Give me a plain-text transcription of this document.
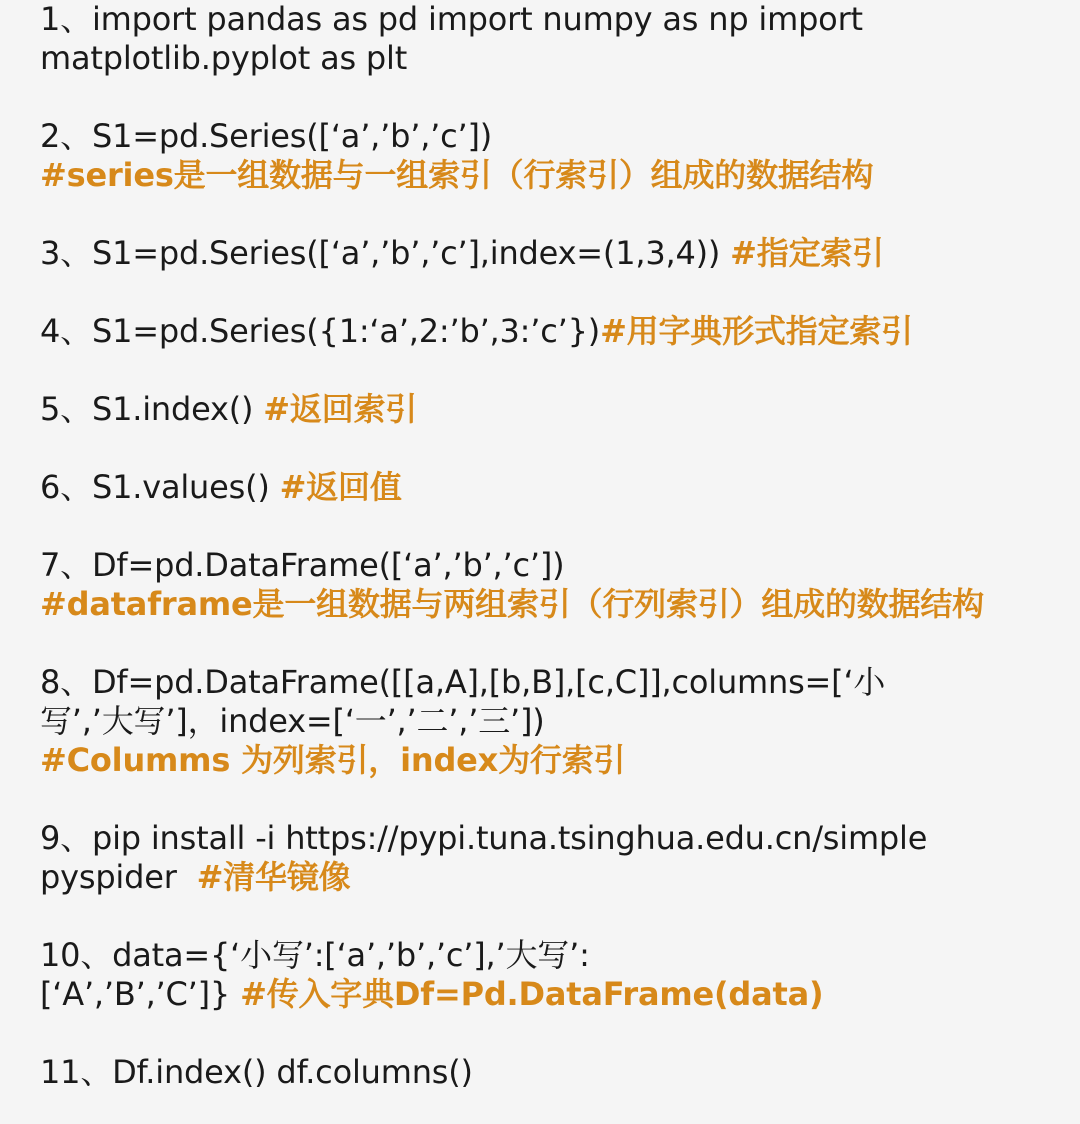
1、import pandas as pd import numpy as np import
matplotlib.pyplot as plt
2、S1=pd.Series([‘a’,’b’,’c’])
#series是一组数据与一组索引（行索引）组成的数据结构
3、S1=pd.Series([‘a’,’b’,’c’],index=(1,3,4)) #指定索引
4、S1=pd.Series({1:‘a’,2:’b’,3:’c’})#用字典形式指定索引
5、S1.index() #返回索引
6、S1.values() #返回值
7、Df=pd.DataFrame([‘a’,’b’,’c’])
#dataframe是一组数据与两组索引（行列索引）组成的数据结构
8、Df=pd.DataFrame([[a,A],[b,B],[c,C]],columns=[‘小
写’,’大写’]，index=[‘一’,’二’,’三’])
#Columms 为列索引，index为行索引
9、pip install -i https://pypi.tuna.tsinghua.edu.cn/simple
pyspider  #清华镜像
10、data={‘小写’:[‘a’,’b’,’c’],’大写’:
[‘A’,’B’,’C’]} #传入字典Df=Pd.DataFrame(data)
11、Df.index() df.columns()
